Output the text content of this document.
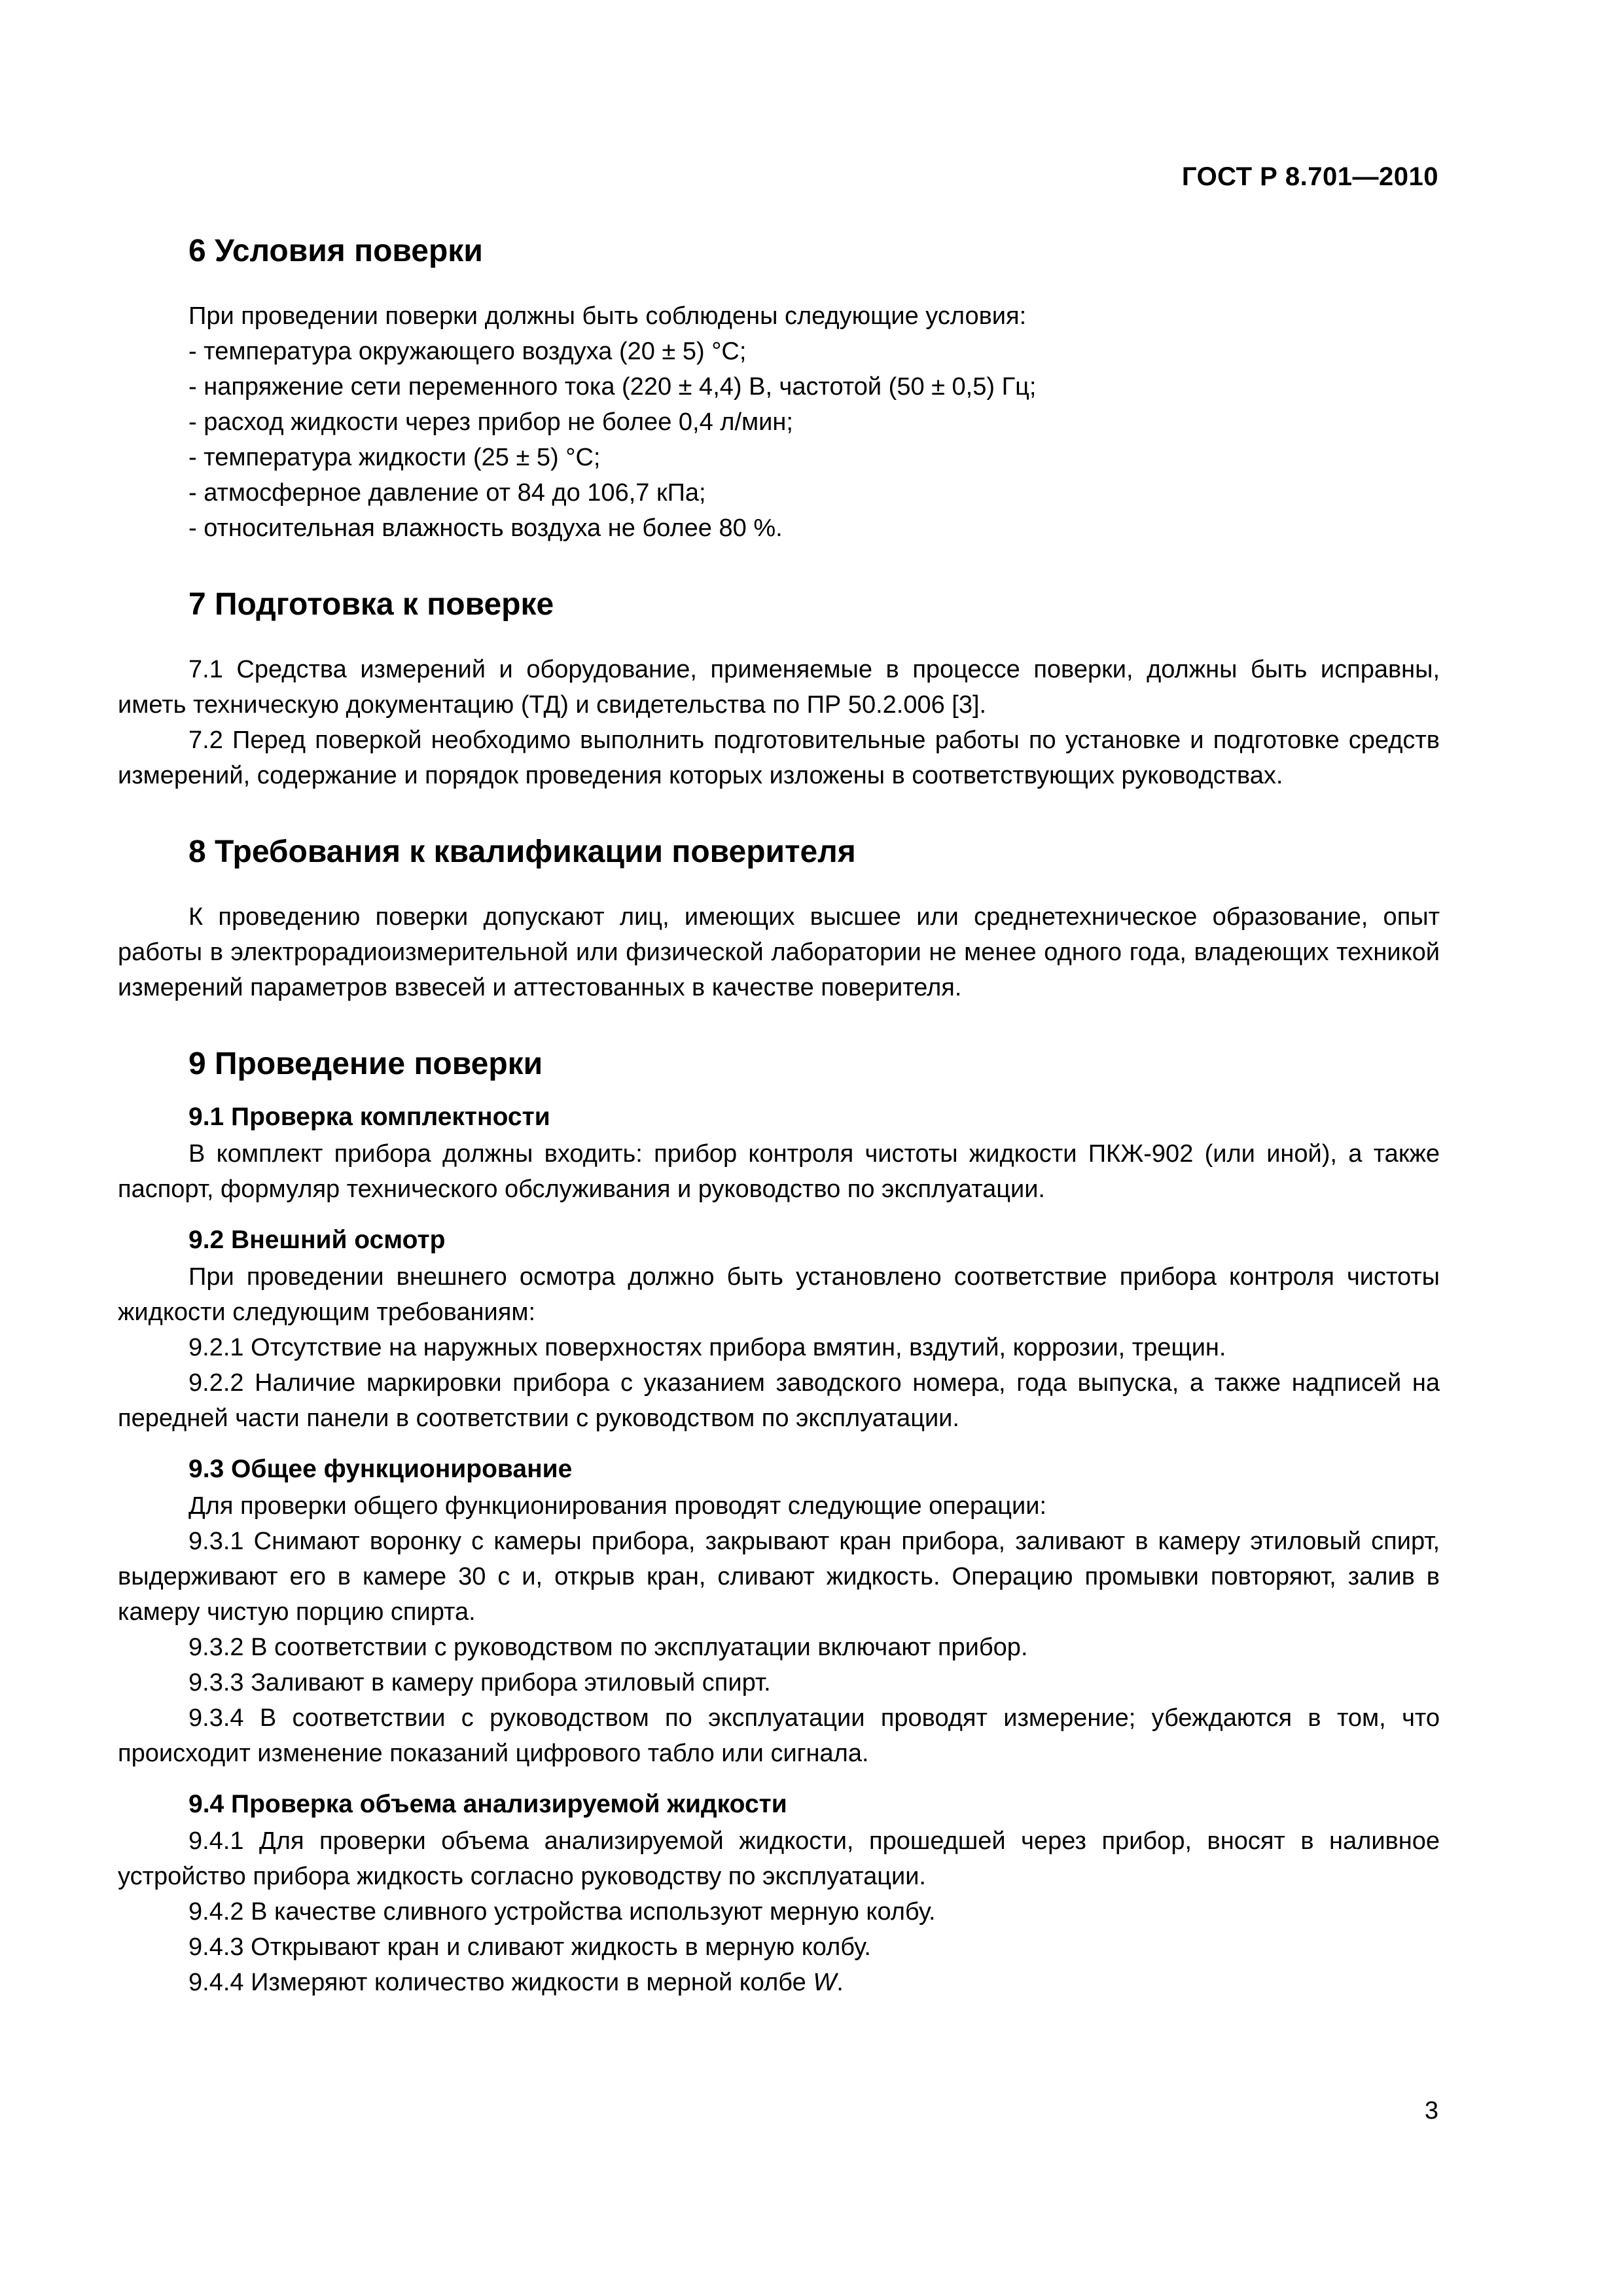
ГОСТ Р 8.701—2010
6 Условия поверки

При проведении поверки должны быть соблюдены следующие условия:

- температура окружающего воздуха (20 ± 5) °С;
- напряжение сети переменного тока (220 ± 4,4) В, частотой (50 ± 0,5) Гц;
- расход жидкости через прибор не более 0,4 л/мин;
- температура жидкости (25 ± 5) °С;
- атмосферное давление от 84 до 106,7 кПа;
- относительная влажность воздуха не более 80 %.
7 Подготовка к поверке

7.1 Средства измерений и оборудование, применяемые в процессе поверки, должны быть исправны, иметь техническую документацию (ТД) и свидетельства по ПР 50.2.006 [3].

7.2 Перед поверкой необходимо выполнить подготовительные работы по установке и подготовке средств измерений, содержание и порядок проведения которых изложены в соответствующих руководствах.

8 Требования к квалификации поверителя

К проведению поверки допускают лиц, имеющих высшее или среднетехническое образование, опыт работы в электрорадиоизмерительной или физической лаборатории не менее одного года, владеющих техникой измерений параметров взвесей и аттестованных в качестве поверителя.

9 Проведение поверки
9.1 Проверка комплектности

В комплект прибора должны входить: прибор контроля чистоты жидкости ПКЖ-902 (или иной), а также паспорт, формуляр технического обслуживания и руководство по эксплуатации.

9.2 Внешний осмотр

При проведении внешнего осмотра должно быть установлено соответствие прибора контроля чистоты жидкости следующим требованиям:

9.2.1 Отсутствие на наружных поверхностях прибора вмятин, вздутий, коррозии, трещин.

9.2.2 Наличие маркировки прибора с указанием заводского номера, года выпуска, а также надписей на передней части панели в соответствии с руководством по эксплуатации.

9.3 Общее функционирование

Для проверки общего функционирования проводят следующие операции:

9.3.1 Снимают воронку с камеры прибора, закрывают кран прибора, заливают в камеру этиловый спирт, выдерживают его в камере 30 с и, открыв кран, сливают жидкость. Операцию промывки повторяют, залив в камеру чистую порцию спирта.

9.3.2 В соответствии с руководством по эксплуатации включают прибор.

9.3.3 Заливают в камеру прибора этиловый спирт.

9.3.4 В соответствии с руководством по эксплуатации проводят измерение; убеждаются в том, что происходит изменение показаний цифрового табло или сигнала.

9.4 Проверка объема анализируемой жидкости

9.4.1 Для проверки объема анализируемой жидкости, прошедшей через прибор, вносят в наливное устройство прибора жидкость согласно руководству по эксплуатации.

9.4.2 В качестве сливного устройства используют мерную колбу.

9.4.3 Открывают кран и сливают жидкость в мерную колбу.

9.4.4 Измеряют количество жидкости в мерной колбе W.

3
